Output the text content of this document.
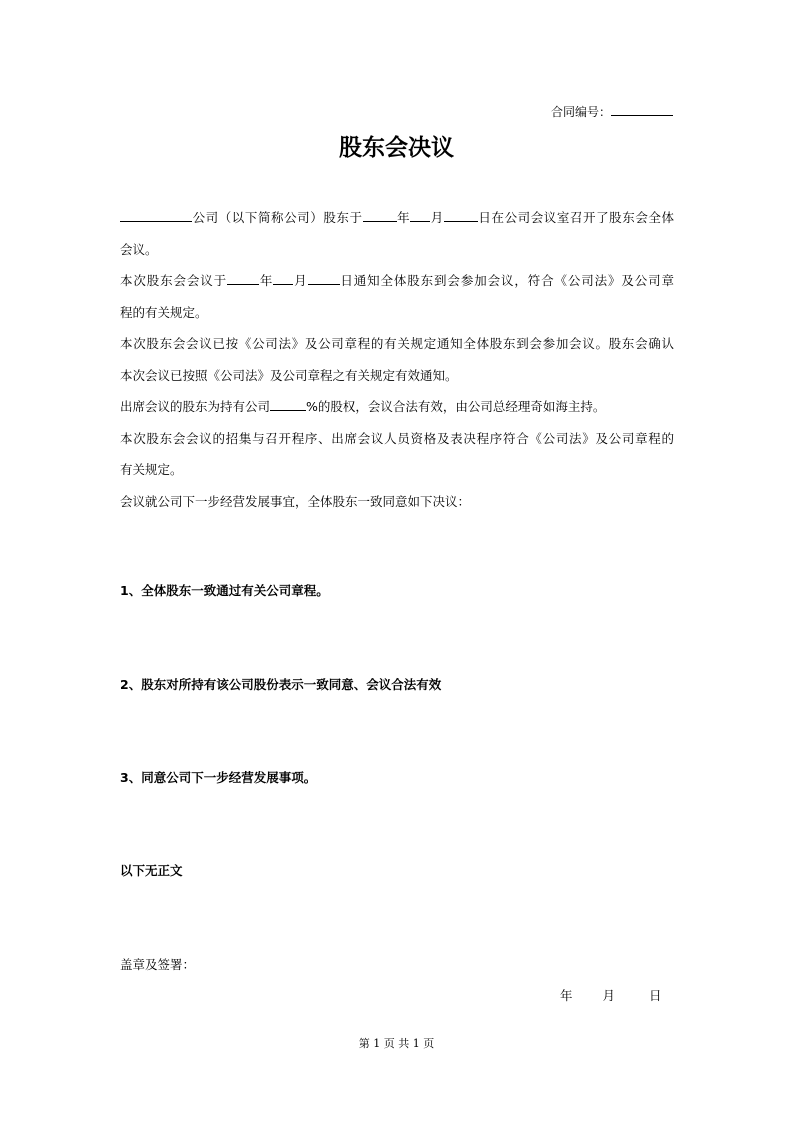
合同编号：
股东会决议
公司（以下简称公司）股东于	年 月	日在公司会议室召开了股东会全体
会议。
本次股东会会议于	年 月	日通知全体股东到会参加会议，符合《公司法》及公司章
程的有关规定。
本次股东会会议已按《公司法》及公司章程的有关规定通知全体股东到会参加会议。股东会确认
本次会议已按照《公司法》及公司章程之有关规定有效通知。
出席会议的股东为持有公司	%的股权，会议合法有效，由公司总经理奇如海主持。
本次股东会会议的招集与召开程序、出席会议人员资格及表决程序符合《公司法》及公司章程的
有关规定。
会议就公司下一步经营发展事宜，全体股东一致同意如下决议：
1、全体股东一致通过有关公司章程。
2、股东对所持有该公司股份表示一致同意、会议合法有效
3、同意公司下一步经营发展事项。
以下无正文
盖章及签署：
年 月	日
第 1 页 共 1 页
